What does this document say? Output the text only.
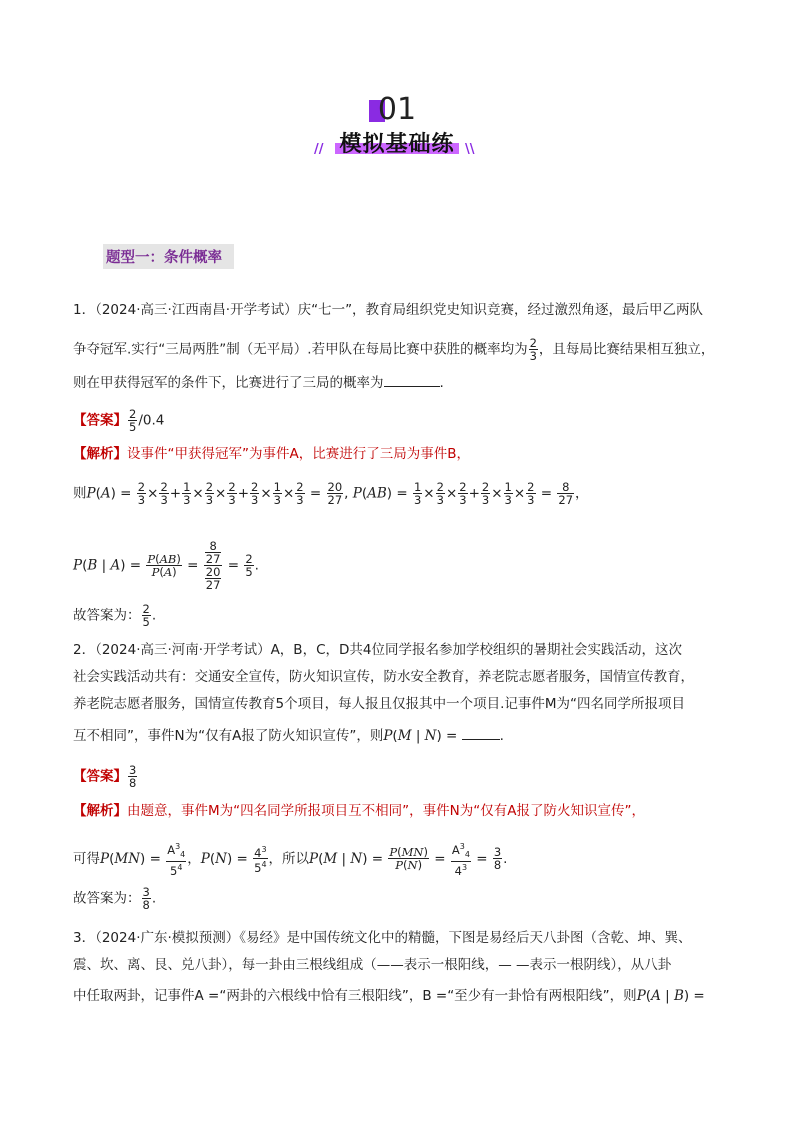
01
模拟基础练
//	\\
题型一：条件概率
1．（2024·高三·江西南昌·开学考试）庆“七一”，教育局组织党史知识竞赛，经过激烈角逐，最后甲乙两队
争夺冠军.实行“三局两胜”制（无平局）.若甲队在每局比赛中获胜的概率均为 $\frac{2}{3}$ ，且每局比赛结果相互独立，
则在甲获得冠军的条件下，比赛进行了三局的概率为	.
【答案】 $\frac{2}{5} /0.4$
【解析】设事件“甲获得冠军”为事件A，比赛进行了三局为事件B，
则$P(A) = \frac{2}{3} \times \frac{2}{3} + \frac{1}{3} \times \frac{2}{3} \times \frac{2}{3} + \frac{2}{3} \times \frac{1}{3} \times \frac{2}{3} = \frac{20}{27}$ , $P(AB) = \frac{1}{3} \times \frac{2}{3} \times \frac{2}{3} + \frac{2}{3} \times \frac{1}{3} \times \frac{2}{3} = \frac{8}{27}$ ，
P(B | $A) = \frac{P(AB)}{P(A)} = \frac{\frac{8}{27}}{\frac{20}{27}} = \frac{2}{5}$ .
故答案为： $\frac{2}{5}$ .
2．（2024·高三·河南·开学考试）A，B，C，D共4位同学报名参加学校组织的暑期社会实践活动，这次
社会实践活动共有：交通安全宣传，防火知识宣传，防水安全教育，养老院志愿者服务，国情宣传教育，
养老院志愿者服务，国情宣传教育5个项目，每人报且仅报其中一个项目.记事件M为“四名同学所报项目
互不相同”，事件N为“仅有A报了防火知识宣传”，则P(M | N) =	.
【答案】 $\frac{3}{8}$
【解析】由题意，事件M为“四名同学所报项目互不相同”，事件N为“仅有A报了防火知识宣传”，
可得$P(MN) = \frac{A^3_4}{5^4}$ ，$P(N) = \frac{4^3}{5^4}$ ，所以P(M | $N) = \frac{P(MN)}{P(N)} = \frac{A^3_4}{4^3} = \frac{3}{8}$ .
故答案为： $\frac{3}{8}$ .
3．（2024·广东·模拟预测）《易经》是中国传统文化中的精髓，下图是易经后天八卦图（含乾、坤、巽、
震、坎、离、艮、兑八卦），每一卦由三根线组成（——表示一根阳线，— —表示一根阴线），从八卦
中任取两卦，记事件A =“两卦的六根线中恰有三根阳线”，B =“至少有一卦恰有两根阳线”，则P(A | B) =
